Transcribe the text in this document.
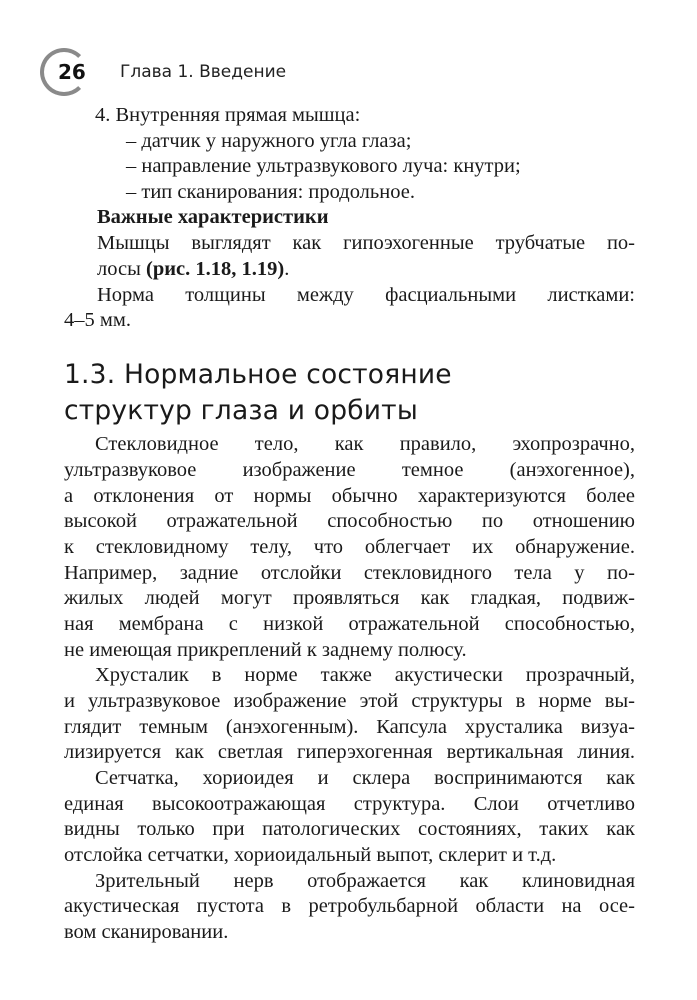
26 Глава 1. Введение
4. Внутренняя прямая мышца:
– датчик у наружного угла глаза;
– направление ультразвукового луча: кнутри;
– тип сканирования: продольное.
Важные характеристики
Мышцы выглядят как гипоэхогенные трубчатые по-
лосы (рис. 1.18, 1.19).
Норма толщины между фасциальными листками:
4–5 мм.
1.3. Нормальное состояние
структур глаза и орбиты
Стекловидное тело, как правило, эхопрозрачно,
ультразвуковое изображение темное (анэхогенное),
а отклонения от нормы обычно характеризуются более
высокой отражательной способностью по отношению
к стекловидному телу, что облегчает их обнаружение.
Например, задние отслойки стекловидного тела у по-
жилых людей могут проявляться как гладкая, подвиж-
ная мембрана с низкой отражательной способностью,
не имеющая прикреплений к заднему полюсу.
Хрусталик в норме также акустически прозрачный,
и ультразвуковое изображение этой структуры в норме вы-
глядит темным (анэхогенным). Капсула хрусталика визуа-
лизируется как светлая гиперэхогенная вертикальная линия.
Сетчатка, хориоидея и склера воспринимаются как
единая высокоотражающая структура. Слои отчетливо
видны только при патологических состояниях, таких как
отслойка сетчатки, хориоидальный выпот, склерит и т.д.
Зрительный нерв отображается как клиновидная
акустическая пустота в ретробульбарной области на осе-
вом сканировании.
